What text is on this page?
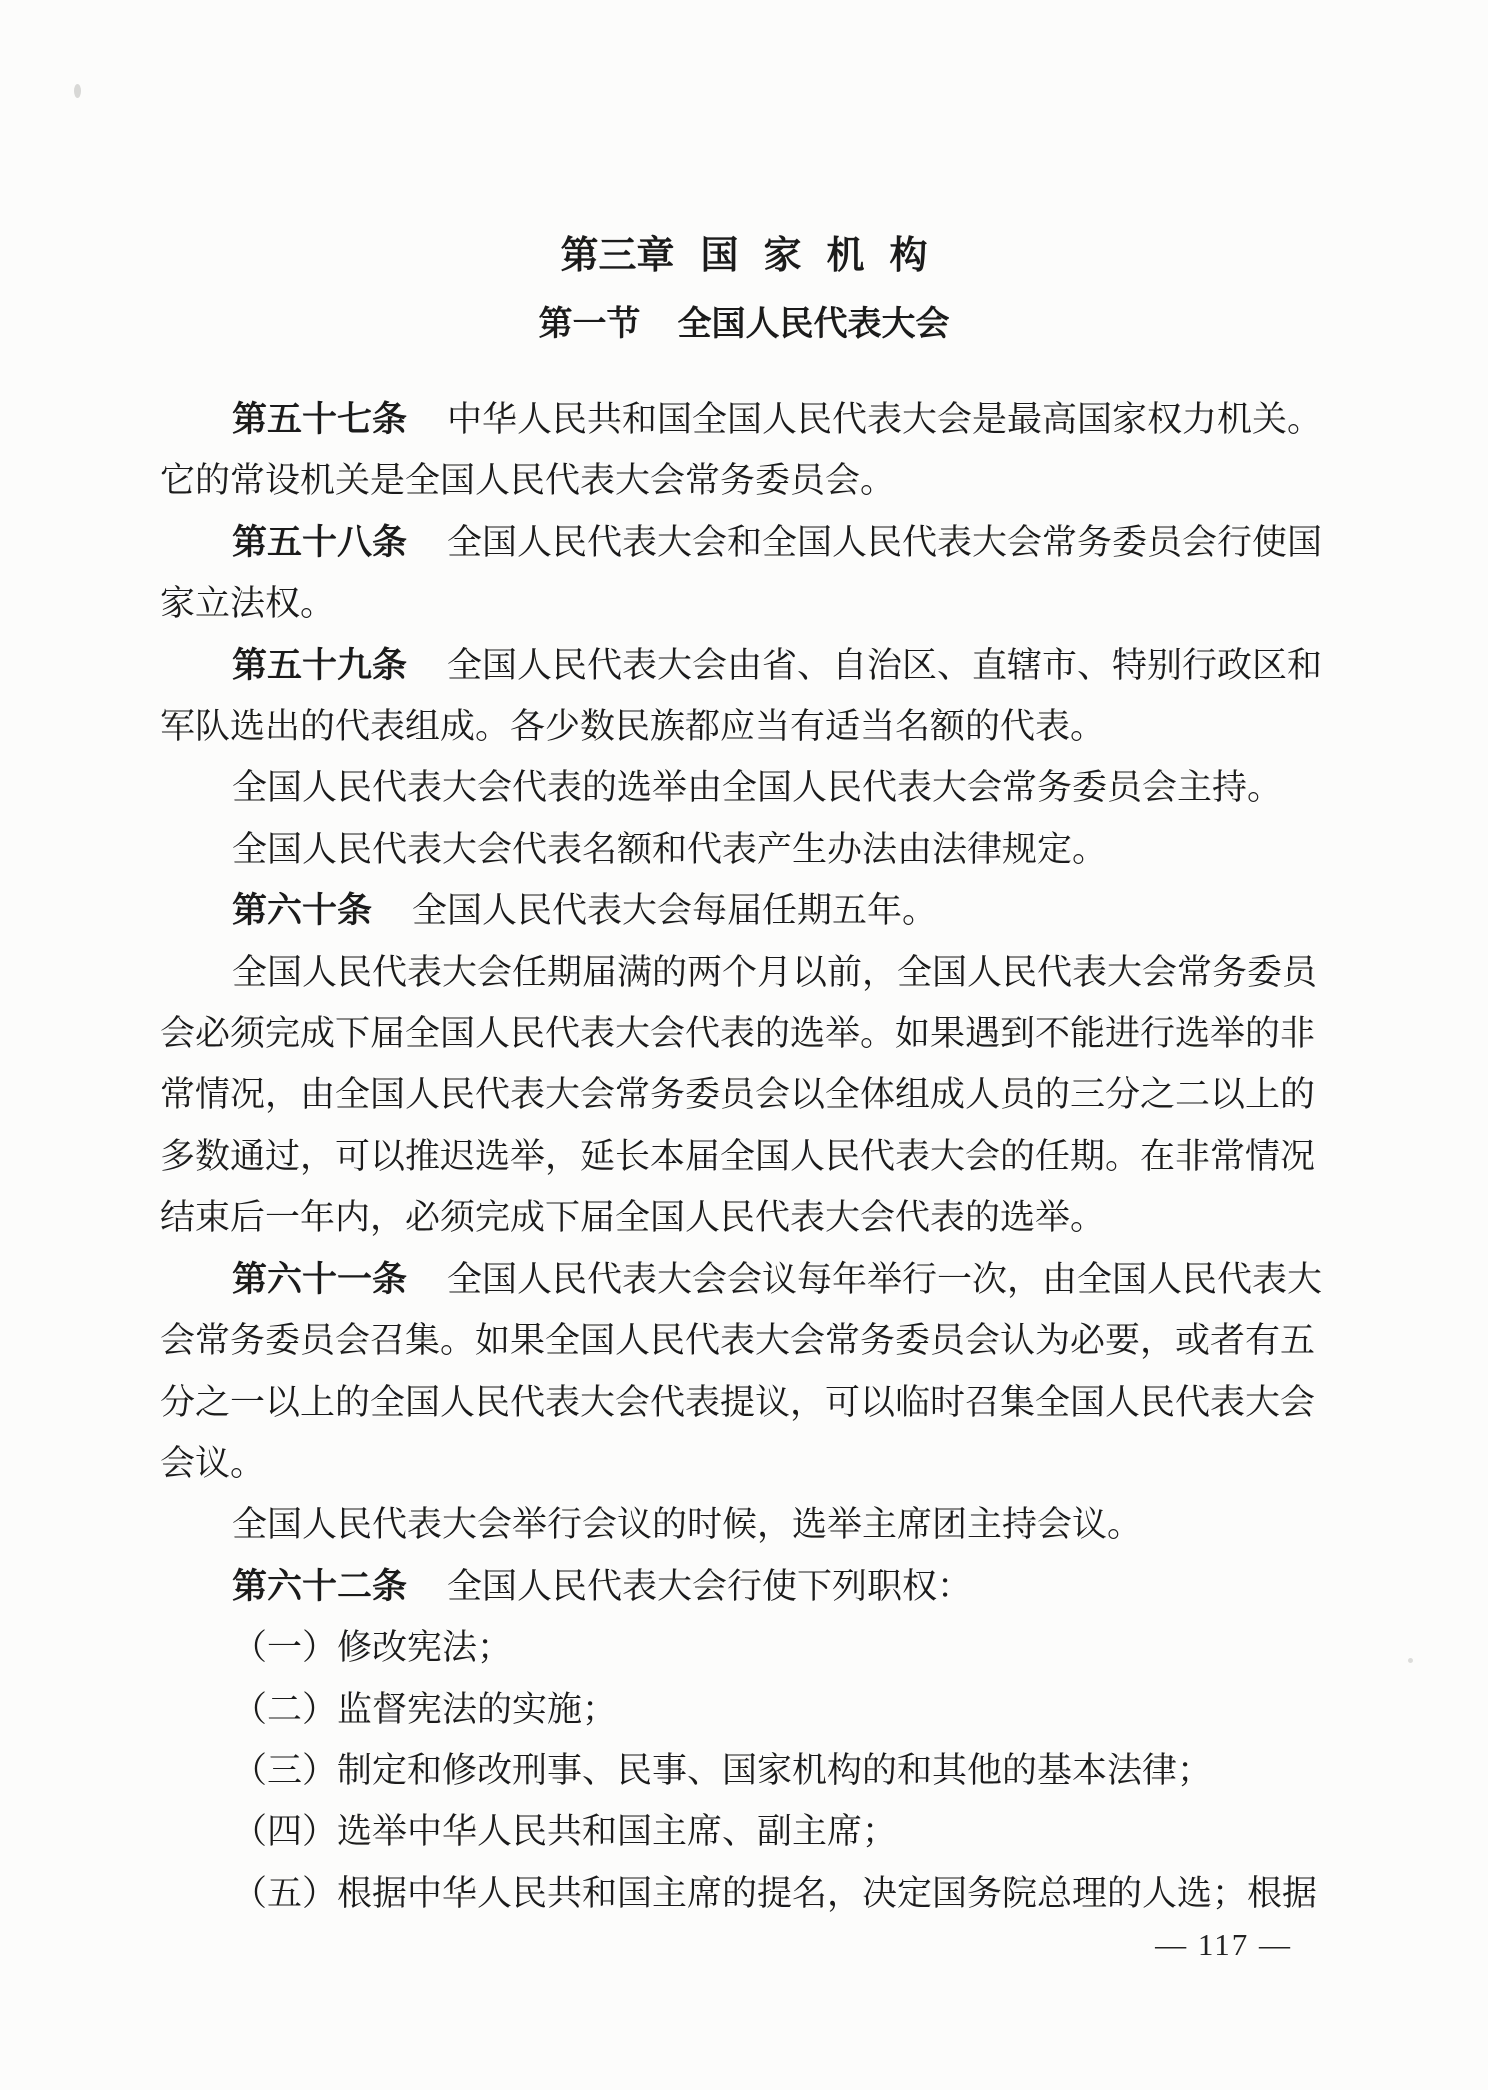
第三章 国家机构
第一节 全国人民代表大会
第五十七条 中华人民共和国全国人民代表大会是最高国家权力机关。
它的常设机关是全国人民代表大会常务委员会。
第五十八条 全国人民代表大会和全国人民代表大会常务委员会行使国
家立法权。
第五十九条 全国人民代表大会由省、自治区、直辖市、特别行政区和
军队选出的代表组成。各少数民族都应当有适当名额的代表。
全国人民代表大会代表的选举由全国人民代表大会常务委员会主持。
全国人民代表大会代表名额和代表产生办法由法律规定。
第六十条 全国人民代表大会每届任期五年。
全国人民代表大会任期届满的两个月以前，全国人民代表大会常务委员
会必须完成下届全国人民代表大会代表的选举。如果遇到不能进行选举的非
常情况，由全国人民代表大会常务委员会以全体组成人员的三分之二以上的
多数通过，可以推迟选举，延长本届全国人民代表大会的任期。在非常情况
结束后一年内，必须完成下届全国人民代表大会代表的选举。
第六十一条 全国人民代表大会会议每年举行一次，由全国人民代表大
会常务委员会召集。如果全国人民代表大会常务委员会认为必要，或者有五
分之一以上的全国人民代表大会代表提议，可以临时召集全国人民代表大会
会议。
全国人民代表大会举行会议的时候，选举主席团主持会议。
第六十二条 全国人民代表大会行使下列职权：
（一）修改宪法；
（二）监督宪法的实施；
（三）制定和修改刑事、民事、国家机构的和其他的基本法律；
（四）选举中华人民共和国主席、副主席；
（五）根据中华人民共和国主席的提名，决定国务院总理的人选；根据
— 117 —
